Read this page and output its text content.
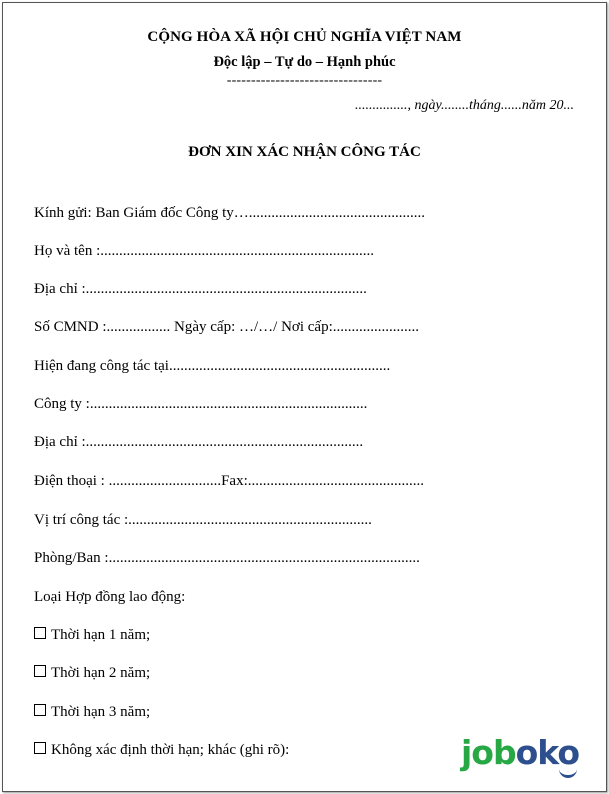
CỘNG HÒA XÃ HỘI CHỦ NGHĨA VIỆT NAM
Độc lập – Tự do – Hạnh phúc
--------------------------------
..............., ngày........tháng......năm 20...
ĐƠN XIN XÁC NHẬN CÔNG TÁC
Kính gửi: Ban Giám đốc Công ty…...............................................
Họ và tên :.........................................................................
Địa chỉ :...........................................................................
Số CMND :................. Ngày cấp: …/…/ Nơi cấp:.......................
Hiện đang công tác tại...........................................................
Công ty :..........................................................................
Địa chỉ :..........................................................................
Điện thoại : ..............................Fax:...............................................
Vị trí công tác :.................................................................
Phòng/Ban :...................................................................................
Loại Hợp đồng lao động:
Thời hạn 1 năm;
Thời hạn 2 năm;
Thời hạn 3 năm;
Không xác định thời hạn; khác (ghi rõ):	joboko
